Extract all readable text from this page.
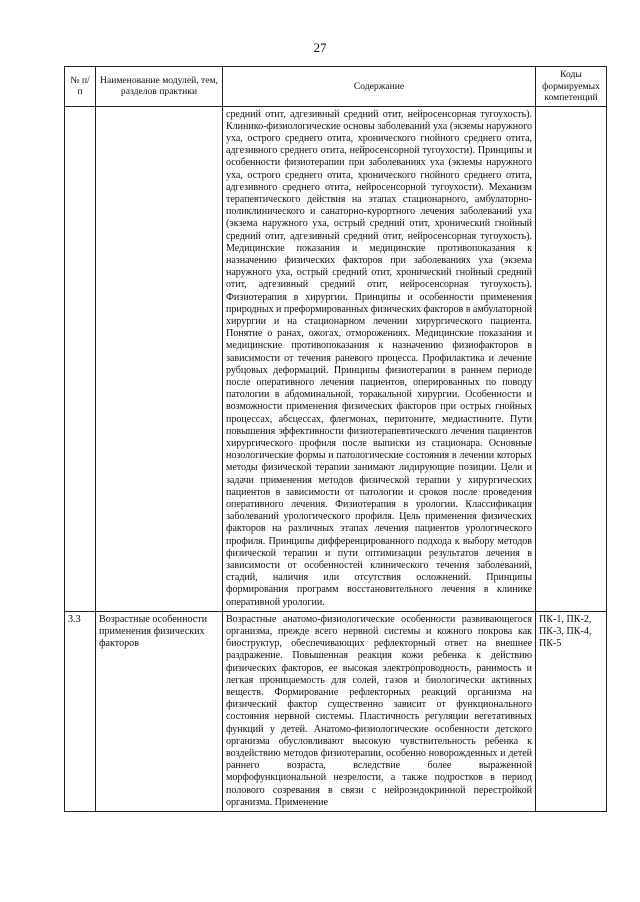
27
№ п/п	Наименование модулей, тем, разделов практики	Содержание	Коды формируемых компетенций
		средний отит, адгезивный средний отит, нейросенсорная тугоухость). Клинико-физиологические основы заболеваний уха (экземы наружного уха, острого среднего отита, хронического гнойного среднего отита, адгезивного среднего отита, нейросенсорной тугоухости). Принципы и особенности физиотерапии при заболеваниях уха (экземы наружного уха, острого среднего отита, хронического гнойного среднего отита, адгезивного среднего отита, нейросенсорной тугоухости). Механизм терапевтического действия на этапах стационарного, амбулаторно-поликлинического и санаторно-курортного лечения заболеваний уха (экзема наружного уха, острый средний отит, хронический гнойный средний отит, адгезивный средний отит, нейросенсорная тугоухость). Медицинские показания и медицинские противопоказания к назначению физических факторов при заболеваниях уха (экзема наружного уха, острый средний отит, хронический гнойный средний отит, адгезивный средний отит, нейросенсорная тугоухость). Физиотерапия в хирургии. Принципы и особенности применения природных и преформированных физических факторов в амбулаторной хирургии и на стационарном лечении хирургического пациента. Понятие о ранах, ожогах, отморожениях. Медицинские показания и медицинские противопоказания к назначению физиофакторов в зависимости от течения раневого процесса. Профилактика и лечение рубцовых деформаций. Принципы физиотерапии в раннем периоде после оперативного лечения пациентов, оперированных по поводу патологии в абдоминальной, торакальной хирургии. Особенности и возможности применения физических факторов при острых гнойных процессах, абсцессах, флегмонах, перитоните, медиастините. Пути повышения эффективности физиотерапевтического лечения пациентов хирургического профиля после выписки из стационара. Основные нозологические формы и патологические состояния в лечении которых методы физической терапии занимают лидирующие позиции. Цели и задачи применения методов физической терапии у хирургических пациентов в зависимости от патологии и сроков после проведения оперативного лечения. Физиотерапия в урологии. Классификация заболеваний урологического профиля. Цель применения физических факторов на различных этапах лечения пациентов урологического профиля. Принципы дифференцированного подхода к выбору методов физической терапии и пути оптимизации результатов лечения в зависимости от особенностей клинического течения заболеваний, стадий, наличия или отсутствия осложнений. Принципы формирования программ восстановительного лечения в клинике оперативной урологии.	
3.3	Возрастные особенности применения физических факторов	Возрастные анатомо-физиологические особенности развивающегося организма, прежде всего нервной системы и кожного покрова как биоструктур, обеспечивающих рефлекторный ответ на внешнее раздражение. Повышенная реакция кожи ребенка к действию физических факторов, ее высокая электропроводность, ранимость и легкая проницаемость для солей, газов и биологически активных веществ. Формирование рефлекторных реакций организма на физический фактор существенно зависит от функционального состояния нервной системы. Пластичность регуляции вегетативных функций у детей. Анатомо-физиологические особенности детского организма обусловливают высокую чувствительность ребенка к воздействию методов физиотерапии, особенно новорожденных и детей раннего возраста, вследствие более выраженной морфофункциональной незрелости, а также подростков в период полового созревания в связи с нейроэндокринной перестройкой организма. Применение	ПК-1, ПК-2, ПК-3, ПК-4, ПК-5
